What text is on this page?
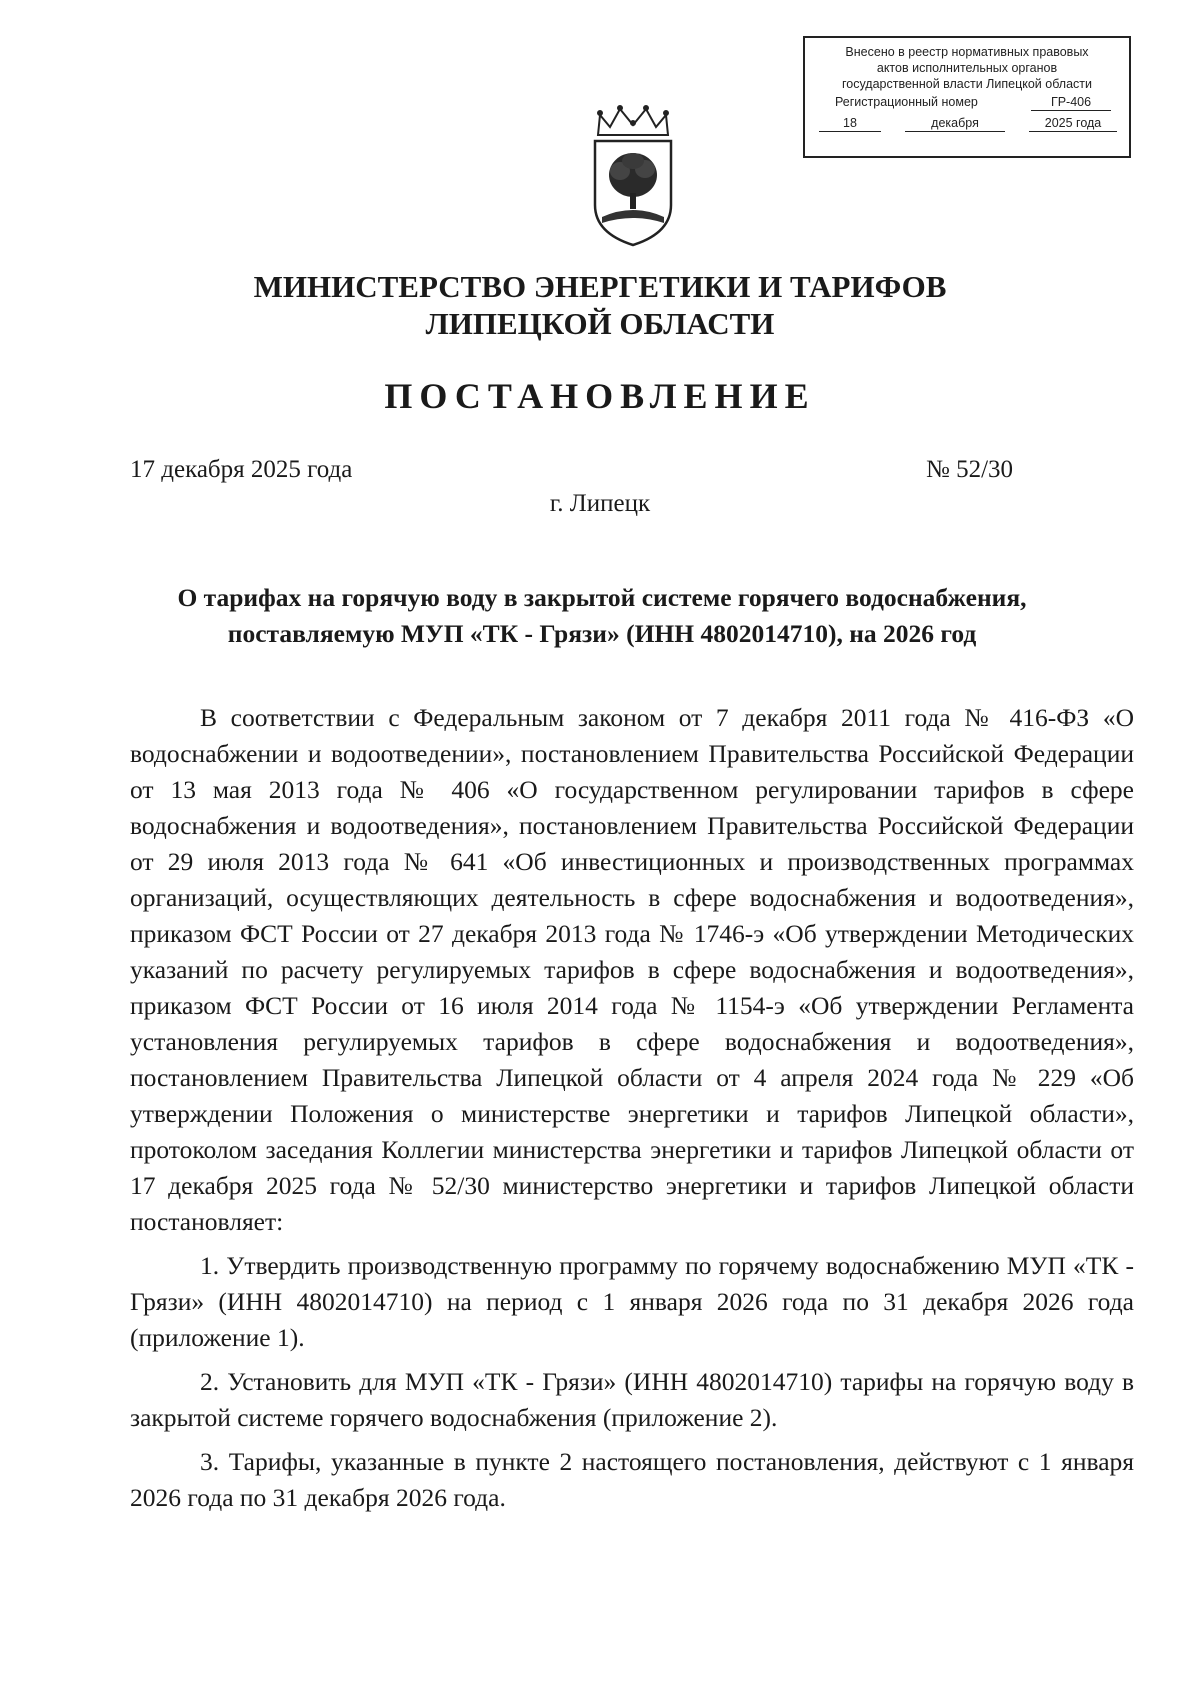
Внесено в реестр нормативных правовых
актов исполнительных органов
государственной власти Липецкой области
Регистрационный номер	ГР-406
18	декабря	2025 года
МИНИСТЕРСТВО ЭНЕРГЕТИКИ И ТАРИФОВ
ЛИПЕЦКОЙ ОБЛАСТИ
ПОСТАНОВЛЕНИЕ
17 декабря 2025 года	№ 52/30
г. Липецк
О тарифах на горячую воду в закрытой системе горячего водоснабжения, поставляемую МУП «ТК - Грязи» (ИНН 4802014710), на 2026 год

В соответствии с Федеральным законом от 7 декабря 2011 года № 416-ФЗ «О водоснабжении и водоотведении», постановлением Правительства Российской Федерации от 13 мая 2013 года № 406 «О государственном регулировании тарифов в сфере водоснабжения и водоотведения», постановлением Правительства Российской Федерации от 29 июля 2013 года № 641 «Об инвестиционных и производственных программах организаций, осуществляющих деятельность в сфере водоснабжения и водоотведения», приказом ФСТ России от 27 декабря 2013 года № 1746-э «Об утверждении Методических указаний по расчету регулируемых тарифов в сфере водоснабжения и водоотведения», приказом ФСТ России от 16 июля 2014 года № 1154-э «Об утверждении Регламента установления регулируемых тарифов в сфере водоснабжения и водоотведения», постановлением Правительства Липецкой области от 4 апреля 2024 года № 229 «Об утверждении Положения о министерстве энергетики и тарифов Липецкой области», протоколом заседания Коллегии министерства энергетики и тарифов Липецкой области от 17 декабря 2025 года № 52/30 министерство энергетики и тарифов Липецкой области постановляет:

1. Утвердить производственную программу по горячему водоснабжению МУП «ТК - Грязи» (ИНН 4802014710) на период с 1 января 2026 года по 31 декабря 2026 года (приложение 1).

2. Установить для МУП «ТК - Грязи» (ИНН 4802014710) тарифы на горячую воду в закрытой системе горячего водоснабжения (приложение 2).

3. Тарифы, указанные в пункте 2 настоящего постановления, действуют с 1 января 2026 года по 31 декабря 2026 года.
